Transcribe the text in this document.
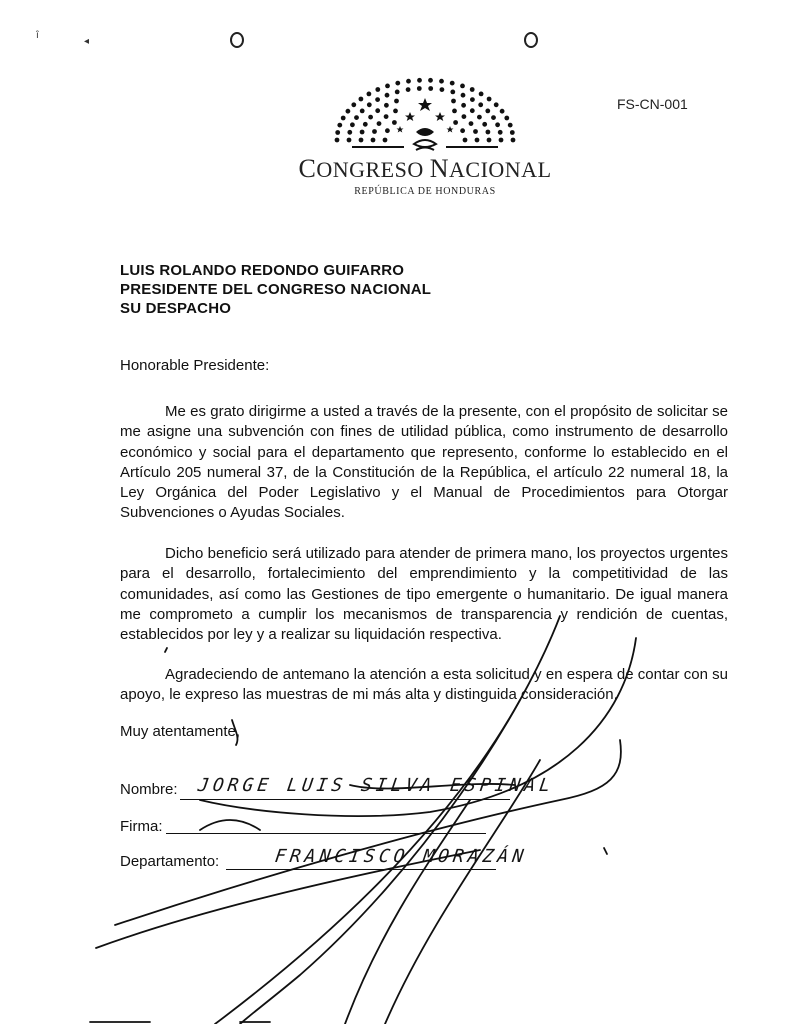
ȋ
◂
FS-CN-001
CONGRESO NACIONAL
REPÚBLICA DE HONDURAS
LUIS ROLANDO REDONDO GUIFARRO
PRESIDENTE DEL CONGRESO NACIONAL
SU DESPACHO
Honorable Presidente:

Me es grato dirigirme a usted a través de la presente, con el propósito de solicitar se me asigne una subvención con fines de utilidad pública, como instrumento de desarrollo económico y social para el departamento que represento, conforme lo establecido en el Artículo 205 numeral 37, de la Constitución de la República, el artículo 22 numeral 18, la Ley Orgánica del Poder Legislativo y el Manual de Procedimientos para Otorgar Subvenciones o Ayudas Sociales.

Dicho beneficio será utilizado para atender de primera mano, los proyectos urgentes para el desarrollo, fortalecimiento del emprendimiento y la competitividad de las comunidades, así como las Gestiones de tipo emergente o humanitario. De igual manera me comprometo a cumplir los mecanismos de transparencia y rendición de cuentas, establecidos por ley y a realizar su liquidación respectiva.

Agradeciendo de antemano la atención a esta solicitud y en espera de contar con su apoyo, le expreso las muestras de mi más alta y distinguida consideración.

Muy atentamente,
Nombre: JORGE LUIS SILVA ESPINAL
Firma:
Departamento:	FRANCISCO MORAZÁN
